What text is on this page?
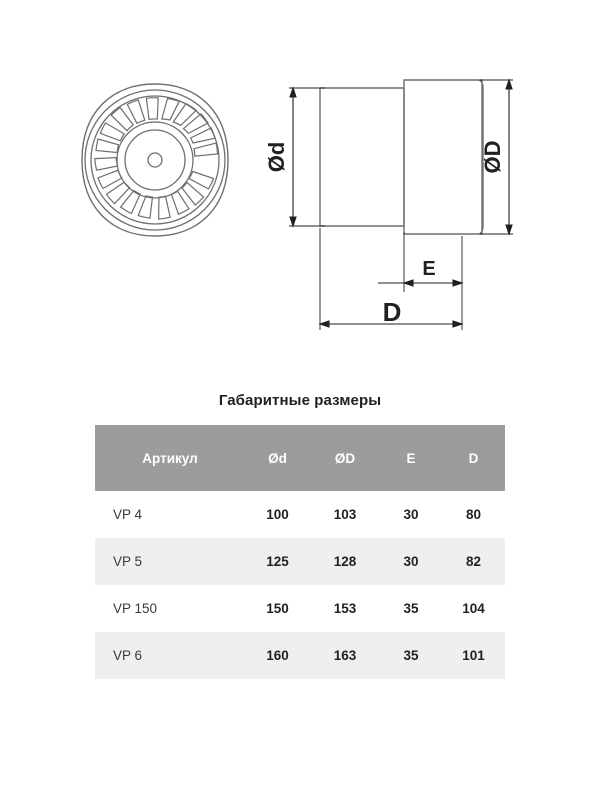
Ød	ØD
E
D
Габаритные размеры
Артикул	Ød	ØD	E	D
VP 4	100	103	30	80
VP 5	125	128	30	82
VP 150	150	153	35	104
VP 6	160	163	35	101
